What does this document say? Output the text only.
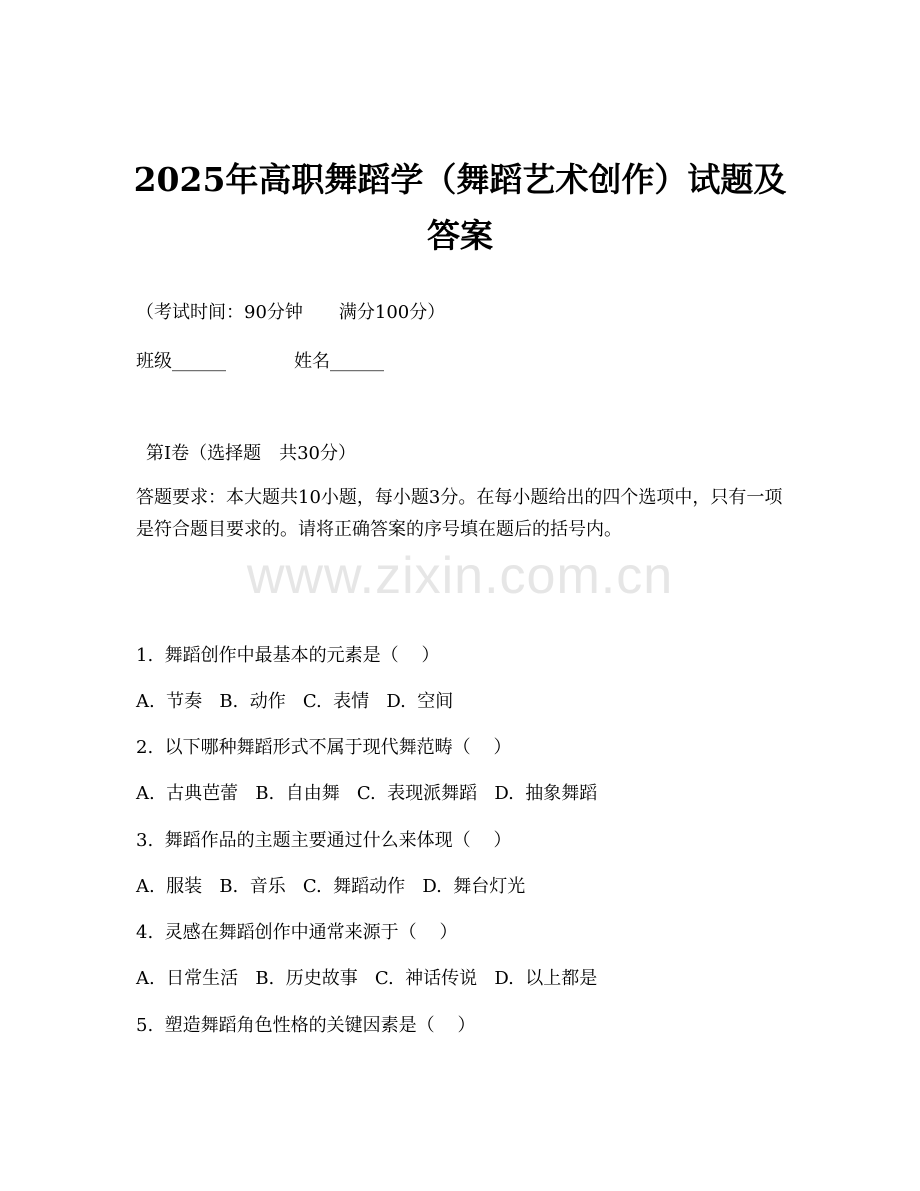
www.zixin.com.cn
2025年高职舞蹈学（舞蹈艺术创作）试题及答案

（考试时间：90分钟　　满分100分）

班级______	姓名______

第I卷（选择题　共30分）

答题要求：本大题共10小题，每小题3分。在每小题给出的四个选项中，只有一项是符合题目要求的。请将正确答案的序号填在题后的括号内。

1.  舞蹈创作中最基本的元素是（    ）

A.  节奏   B.  动作   C.  表情   D.  空间

2.  以下哪种舞蹈形式不属于现代舞范畴（    ）

A.  古典芭蕾   B.  自由舞   C.  表现派舞蹈   D.  抽象舞蹈

3.  舞蹈作品的主题主要通过什么来体现（    ）

A.  服装   B.  音乐   C.  舞蹈动作   D.  舞台灯光

4.  灵感在舞蹈创作中通常来源于（    ）

A.  日常生活   B.  历史故事   C.  神话传说   D.  以上都是

5.  塑造舞蹈角色性格的关键因素是（    ）
